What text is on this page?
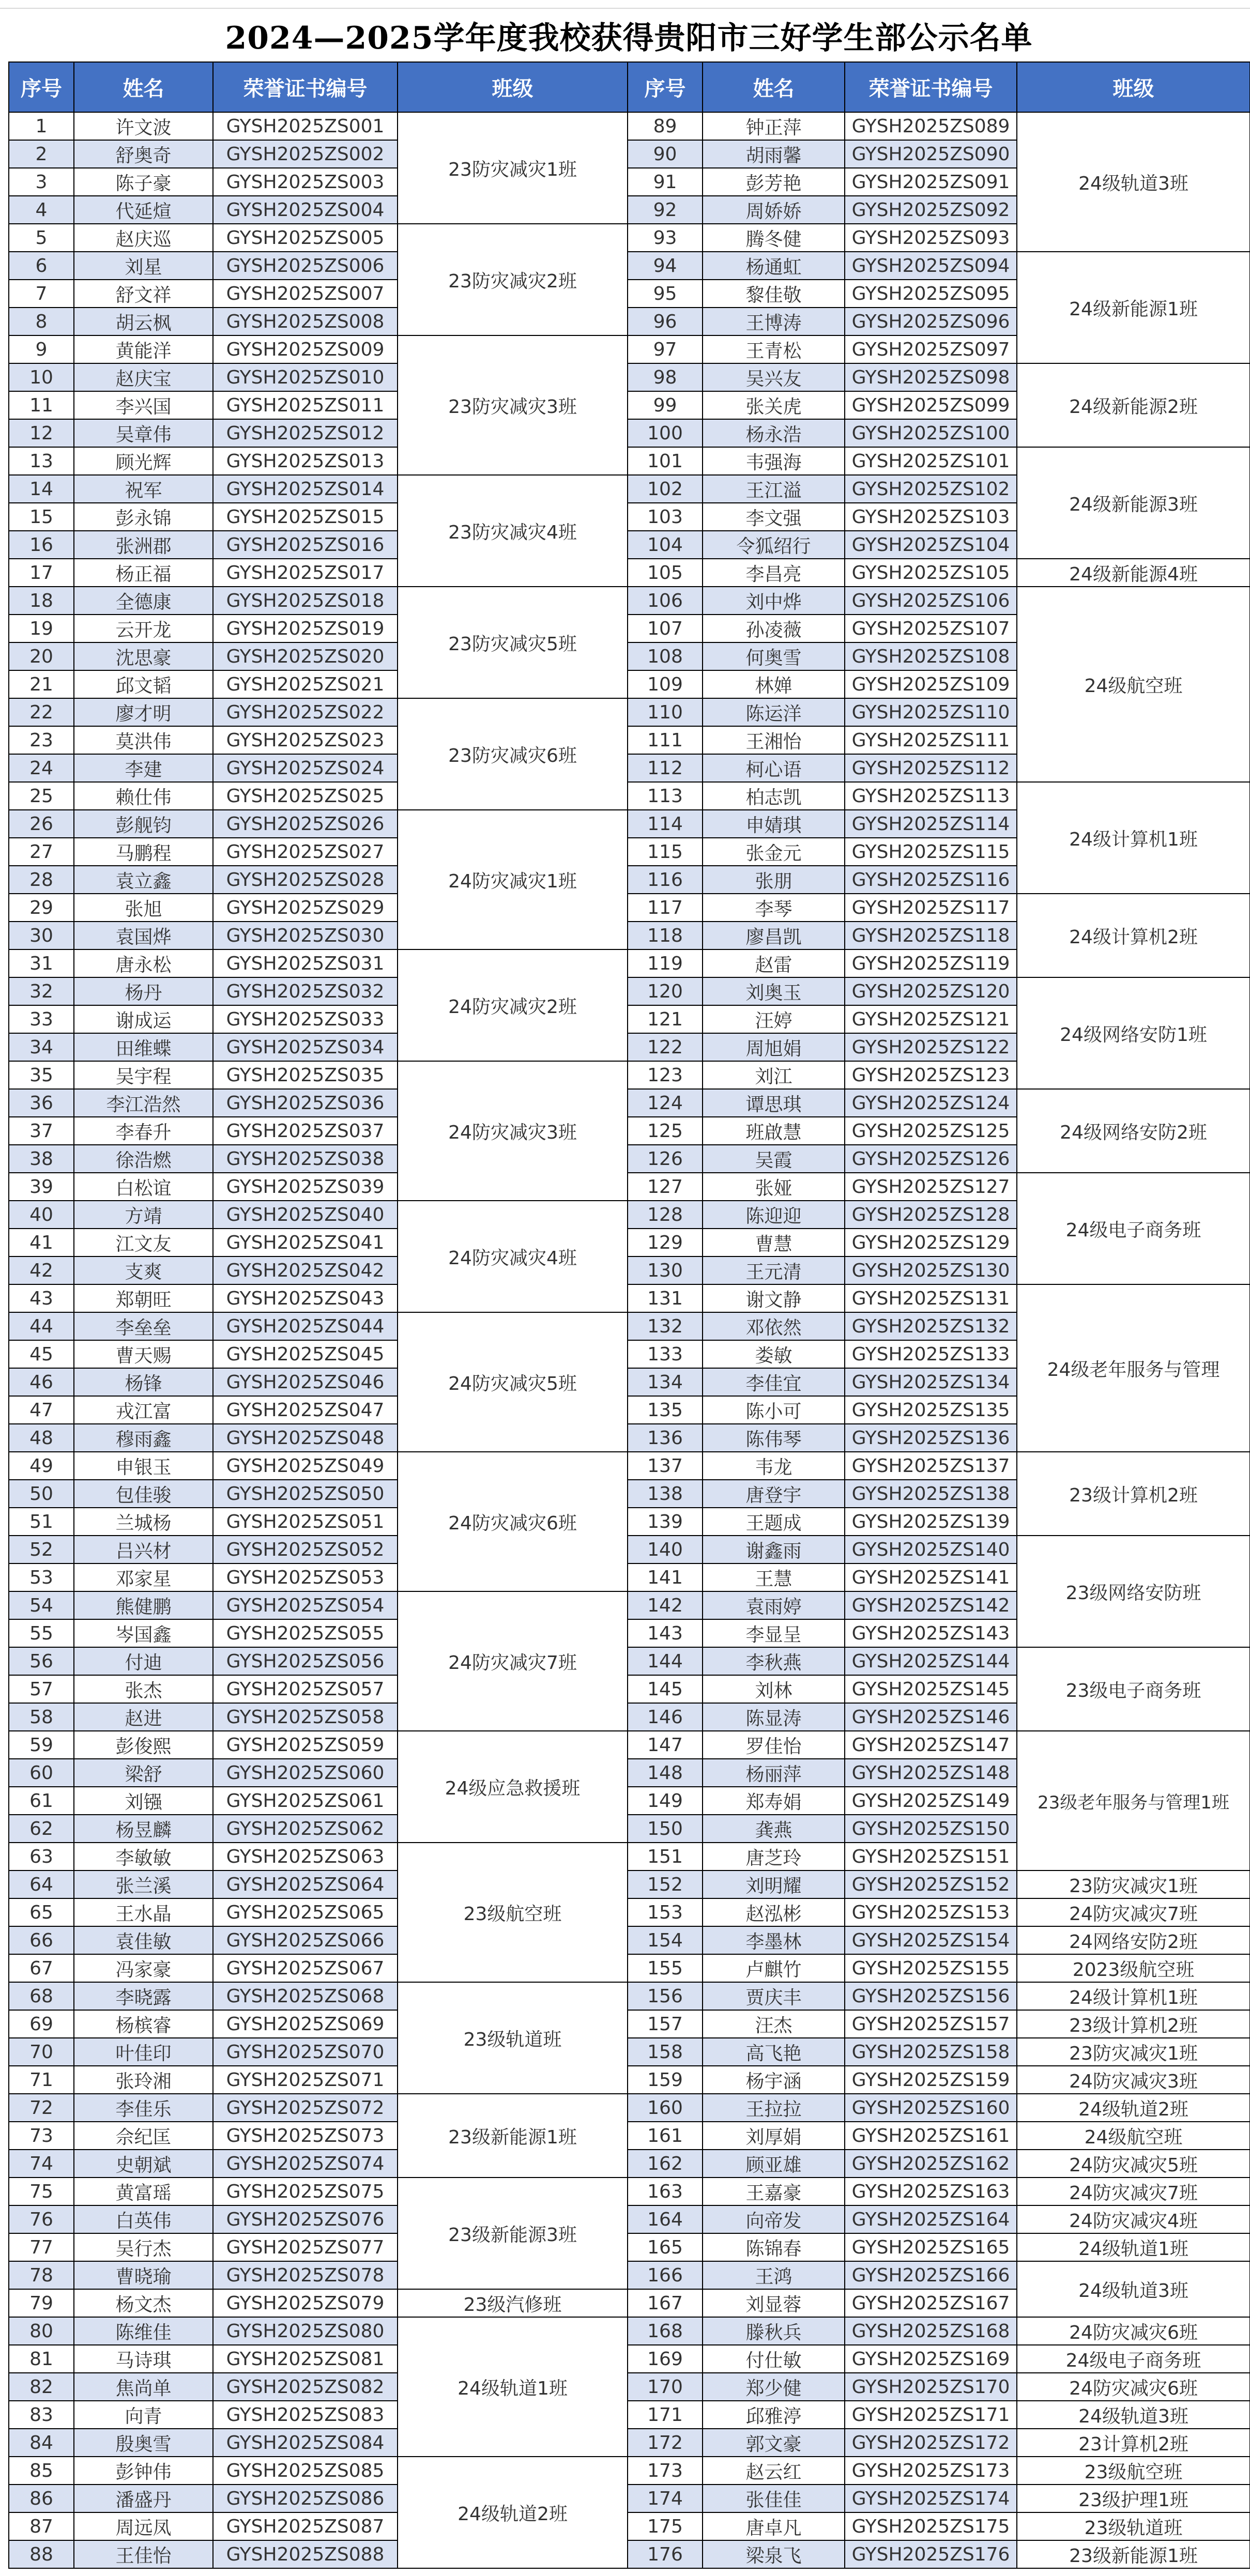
2024—2025学年度我校获得贵阳市三好学生部公示名单
序号	姓名	荣誉证书编号	班级	序号	姓名	荣誉证书编号	班级
1	许文波	GYSH2025ZS001	23防灾减灾1班	89	钟正萍	GYSH2025ZS089	24级轨道3班
2	舒奥奇	GYSH2025ZS002		90	胡雨馨	GYSH2025ZS090	
3	陈子豪	GYSH2025ZS003		91	彭芳艳	GYSH2025ZS091	
4	代延煊	GYSH2025ZS004		92	周娇娇	GYSH2025ZS092	
5	赵庆巡	GYSH2025ZS005	23防灾减灾2班	93	腾冬健	GYSH2025ZS093	
6	刘星	GYSH2025ZS006		94	杨通虹	GYSH2025ZS094	24级新能源1班
7	舒文祥	GYSH2025ZS007		95	黎佳敬	GYSH2025ZS095	
8	胡云枫	GYSH2025ZS008		96	王博涛	GYSH2025ZS096	
9	黄能洋	GYSH2025ZS009	23防灾减灾3班	97	王青松	GYSH2025ZS097	
10	赵庆宝	GYSH2025ZS010		98	吴兴友	GYSH2025ZS098	24级新能源2班
11	李兴国	GYSH2025ZS011		99	张关虎	GYSH2025ZS099	
12	吴章伟	GYSH2025ZS012		100	杨永浩	GYSH2025ZS100	
13	顾光辉	GYSH2025ZS013		101	韦强海	GYSH2025ZS101	24级新能源3班
14	祝军	GYSH2025ZS014	23防灾减灾4班	102	王江溢	GYSH2025ZS102	
15	彭永锦	GYSH2025ZS015		103	李文强	GYSH2025ZS103	
16	张洲郡	GYSH2025ZS016		104	令狐绍行	GYSH2025ZS104	
17	杨正福	GYSH2025ZS017		105	李昌亮	GYSH2025ZS105	24级新能源4班
18	全德康	GYSH2025ZS018	23防灾减灾5班	106	刘中烨	GYSH2025ZS106	24级航空班
19	云开龙	GYSH2025ZS019		107	孙凌薇	GYSH2025ZS107	
20	沈思豪	GYSH2025ZS020		108	何奥雪	GYSH2025ZS108	
21	邱文韬	GYSH2025ZS021		109	林婵	GYSH2025ZS109	
22	廖才明	GYSH2025ZS022	23防灾减灾6班	110	陈运洋	GYSH2025ZS110	
23	莫洪伟	GYSH2025ZS023		111	王湘怡	GYSH2025ZS111	
24	李建	GYSH2025ZS024		112	柯心语	GYSH2025ZS112	
25	赖仕伟	GYSH2025ZS025		113	柏志凯	GYSH2025ZS113	24级计算机1班
26	彭舰钧	GYSH2025ZS026	24防灾减灾1班	114	申婧琪	GYSH2025ZS114	
27	马鹏程	GYSH2025ZS027		115	张金元	GYSH2025ZS115	
28	袁立鑫	GYSH2025ZS028		116	张朋	GYSH2025ZS116	
29	张旭	GYSH2025ZS029		117	李琴	GYSH2025ZS117	24级计算机2班
30	袁国烨	GYSH2025ZS030		118	廖昌凯	GYSH2025ZS118	
31	唐永松	GYSH2025ZS031	24防灾减灾2班	119	赵雷	GYSH2025ZS119	
32	杨丹	GYSH2025ZS032		120	刘奥玉	GYSH2025ZS120	24级网络安防1班
33	谢成运	GYSH2025ZS033		121	汪婷	GYSH2025ZS121	
34	田维蝶	GYSH2025ZS034		122	周旭娟	GYSH2025ZS122	
35	吴宇程	GYSH2025ZS035	24防灾减灾3班	123	刘江	GYSH2025ZS123	
36	李江浩然	GYSH2025ZS036		124	谭思琪	GYSH2025ZS124	24级网络安防2班
37	李春升	GYSH2025ZS037		125	班啟慧	GYSH2025ZS125	
38	徐浩燃	GYSH2025ZS038		126	吴霞	GYSH2025ZS126	
39	白松谊	GYSH2025ZS039		127	张娅	GYSH2025ZS127	24级电子商务班
40	方靖	GYSH2025ZS040	24防灾减灾4班	128	陈迎迎	GYSH2025ZS128	
41	江文友	GYSH2025ZS041		129	曹慧	GYSH2025ZS129	
42	支爽	GYSH2025ZS042		130	王元清	GYSH2025ZS130	
43	郑朝旺	GYSH2025ZS043		131	谢文静	GYSH2025ZS131	24级老年服务与管理
44	李垒垒	GYSH2025ZS044	24防灾减灾5班	132	邓依然	GYSH2025ZS132	
45	曹天赐	GYSH2025ZS045		133	娄敏	GYSH2025ZS133	
46	杨锋	GYSH2025ZS046		134	李佳宜	GYSH2025ZS134	
47	戎江富	GYSH2025ZS047		135	陈小可	GYSH2025ZS135	
48	穆雨鑫	GYSH2025ZS048		136	陈伟琴	GYSH2025ZS136	
49	申银玉	GYSH2025ZS049	24防灾减灾6班	137	韦龙	GYSH2025ZS137	23级计算机2班
50	包佳骏	GYSH2025ZS050		138	唐登宇	GYSH2025ZS138	
51	兰城杨	GYSH2025ZS051		139	王题成	GYSH2025ZS139	
52	吕兴材	GYSH2025ZS052		140	谢鑫雨	GYSH2025ZS140	23级网络安防班
53	邓家星	GYSH2025ZS053		141	王慧	GYSH2025ZS141	
54	熊健鹏	GYSH2025ZS054	24防灾减灾7班	142	袁雨婷	GYSH2025ZS142	
55	岑国鑫	GYSH2025ZS055		143	李显呈	GYSH2025ZS143	
56	付迪	GYSH2025ZS056		144	李秋燕	GYSH2025ZS144	23级电子商务班
57	张杰	GYSH2025ZS057		145	刘林	GYSH2025ZS145	
58	赵进	GYSH2025ZS058		146	陈显涛	GYSH2025ZS146	
59	彭俊熙	GYSH2025ZS059	24级应急救援班	147	罗佳怡	GYSH2025ZS147	23级老年服务与管理1班
60	梁舒	GYSH2025ZS060		148	杨丽萍	GYSH2025ZS148	
61	刘镪	GYSH2025ZS061		149	郑寿娟	GYSH2025ZS149	
62	杨昱麟	GYSH2025ZS062		150	龚燕	GYSH2025ZS150	
63	李敏敏	GYSH2025ZS063	23级航空班	151	唐芝玲	GYSH2025ZS151	
64	张兰溪	GYSH2025ZS064		152	刘明耀	GYSH2025ZS152	23防灾减灾1班
65	王水晶	GYSH2025ZS065		153	赵泓彬	GYSH2025ZS153	24防灾减灾7班
66	袁佳敏	GYSH2025ZS066		154	李墨林	GYSH2025ZS154	24网络安防2班
67	冯家豪	GYSH2025ZS067		155	卢麒竹	GYSH2025ZS155	2023级航空班
68	李晓露	GYSH2025ZS068	23级轨道班	156	贾庆丰	GYSH2025ZS156	24级计算机1班
69	杨槟睿	GYSH2025ZS069		157	汪杰	GYSH2025ZS157	23级计算机2班
70	叶佳印	GYSH2025ZS070		158	高飞艳	GYSH2025ZS158	23防灾减灾1班
71	张玲湘	GYSH2025ZS071		159	杨宇涵	GYSH2025ZS159	24防灾减灾3班
72	李佳乐	GYSH2025ZS072	23级新能源1班	160	王拉拉	GYSH2025ZS160	24级轨道2班
73	佘纪匡	GYSH2025ZS073		161	刘厚娟	GYSH2025ZS161	24级航空班
74	史朝斌	GYSH2025ZS074		162	顾亚雄	GYSH2025ZS162	24防灾减灾5班
75	黄富瑶	GYSH2025ZS075	23级新能源3班	163	王嘉豪	GYSH2025ZS163	24防灾减灾7班
76	白英伟	GYSH2025ZS076		164	向帝发	GYSH2025ZS164	24防灾减灾4班
77	吴行杰	GYSH2025ZS077		165	陈锦春	GYSH2025ZS165	24级轨道1班
78	曹晓瑜	GYSH2025ZS078		166	王鸿	GYSH2025ZS166	24级轨道3班
79	杨文杰	GYSH2025ZS079	23级汽修班	167	刘显蓉	GYSH2025ZS167	
80	陈维佳	GYSH2025ZS080	24级轨道1班	168	滕秋兵	GYSH2025ZS168	24防灾减灾6班
81	马诗琪	GYSH2025ZS081		169	付仕敏	GYSH2025ZS169	24级电子商务班
82	焦尚单	GYSH2025ZS082		170	郑少健	GYSH2025ZS170	24防灾减灾6班
83	向青	GYSH2025ZS083		171	邱雅渟	GYSH2025ZS171	24级轨道3班
84	殷奥雪	GYSH2025ZS084		172	郭文豪	GYSH2025ZS172	23计算机2班
85	彭钟伟	GYSH2025ZS085	24级轨道2班	173	赵云红	GYSH2025ZS173	23级航空班
86	潘盛丹	GYSH2025ZS086		174	张佳佳	GYSH2025ZS174	23级护理1班
87	周远凤	GYSH2025ZS087		175	唐卓凡	GYSH2025ZS175	23级轨道班
88	王佳怡	GYSH2025ZS088		176	梁泉飞	GYSH2025ZS176	23级新能源1班
